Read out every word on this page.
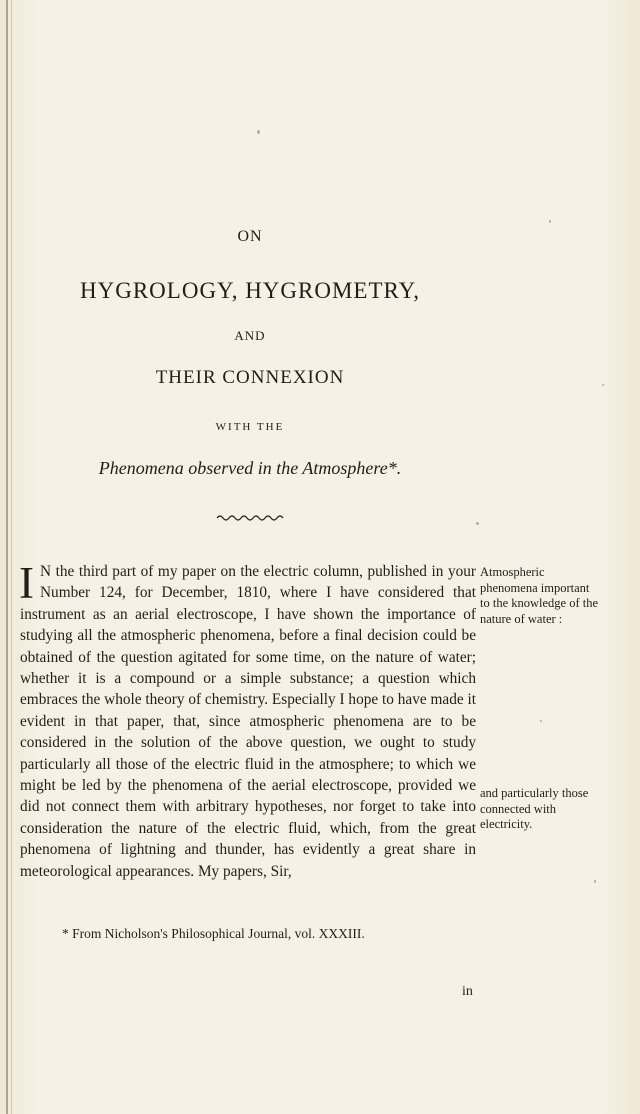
ON
HYGROLOGY, HYGROMETRY,
AND
THEIR CONNEXION
WITH THE
Phenomena observed in the Atmosphere*.

I N the third part of my paper on the electric column, published in your Number 124, for December, 1810, where I have considered that instrument as an aerial electroscope, I have shown the importance of studying all the atmospheric phenomena, before a final decision could be obtained of the question agitated for some time, on the nature of water; whether it is a compound or a simple substance; a question which embraces the whole theory of chemistry. Especially I hope to have made it evident in that paper, that, since atmospheric phenomena are to be considered in the solution of the above question, we ought to study particularly all those of the electric fluid in the atmosphere; to which we might be led by the phenomena of the aerial electroscope, provided we did not connect them with arbitrary hypotheses, nor forget to take into consideration the nature of the electric fluid, which, from the great phenomena of lightning and thunder, has evidently a great share in meteorological appearances. My papers, Sir,

Atmospheric phenomena important to the knowledge of the nature of water :
and particularly those connected with electricity.
* From Nicholson's Philosophical Journal, vol. XXXIII.
in
